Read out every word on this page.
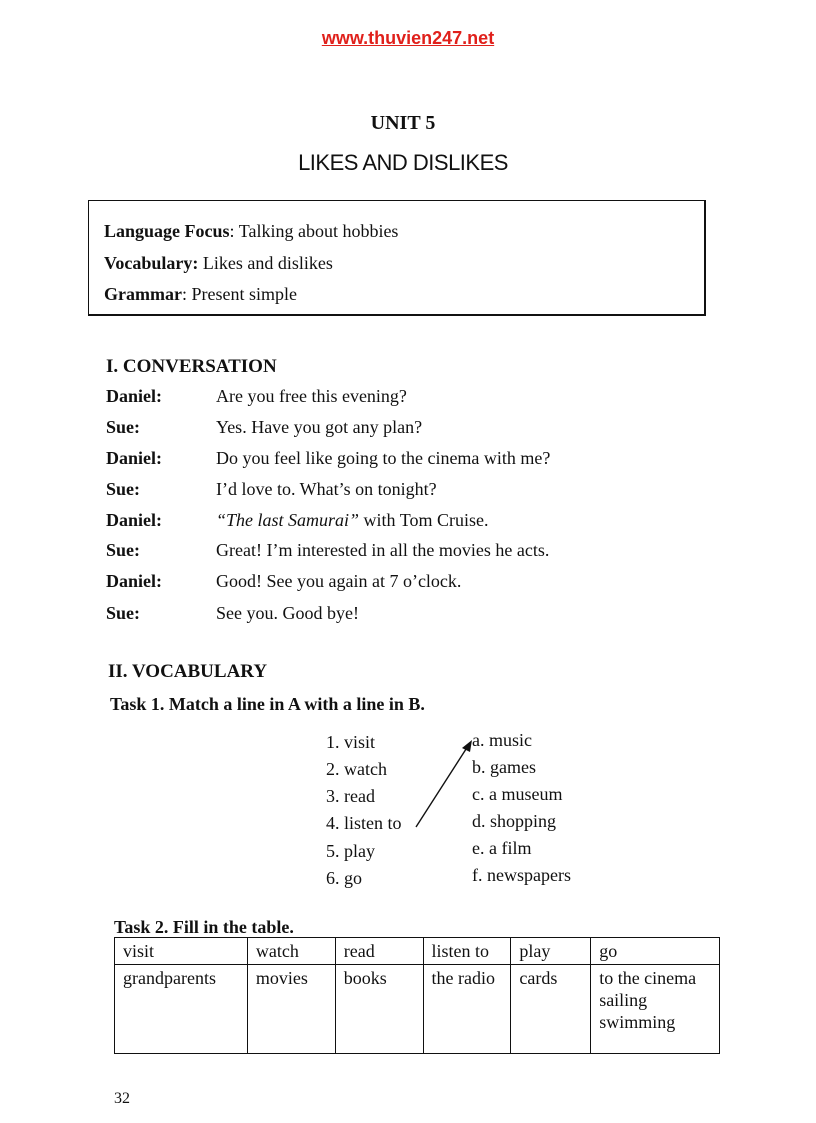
www.thuvien247.net
UNIT 5
LIKES AND DISLIKES
Language Focus: Talking about hobbies
Vocabulary: Likes and dislikes
Grammar: Present simple
I. CONVERSATION
Daniel:	Are you free this evening?
Sue:	Yes. Have you got any plan?
Daniel:	Do you feel like going to the cinema with me?
Sue:	I’d love to. What’s on tonight?
Daniel:	“The last Samurai” with Tom Cruise.
Sue:	Great! I’m interested in all the movies he acts.
Daniel:	Good! See you again at 7 o’clock.
Sue:	See you. Good bye!
II. VOCABULARY
Task 1. Match a line in A with a line in B.
1. visit
2. watch
3. read
4. listen to
5. play
6. go
a. music
b. games
c. a museum
d. shopping
e. a film
f. newspapers
Task 2. Fill in the table.
visit	watch	read	listen to	play	go

grandparents	movies	books	the radio	cards	to the cinema
sailing
swimming
32
